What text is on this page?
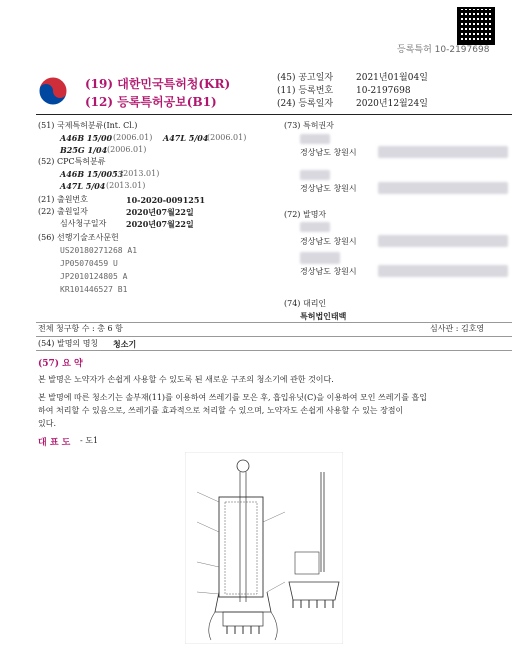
등록특허 10-2197698
(19) 대한민국특허청(KR)
(12) 등록특허공보(B1)
(45) 공고일자	2021년01월04일
(11) 등록번호	10-2197698
(24) 등록일자	2020년12월24일
(51) 국제특허분류(Int. Cl.)
A46B 15/00 (2006.01) A47L 5/04
(2006.01)
B25G 1/04 (2006.01)
(52) CPC특허분류
A46B 15/0053
(2013.01)
A47L 5/04 (2013.01)
(21) 출원번호	10-2020-0091251
(22) 출원일자	2020년07월22일
심사청구일자 2020년07월22일
(56) 선행기술조사문헌
US20180271268 A1
JP05070459 U
JP2010124805 A
KR101446527 B1
(73) 특허권자
경상남도 창원시
경상남도 창원시
(72) 발명자
경상남도 창원시
경상남도 창원시
(74) 대리인
특허법인태백
전체 청구항 수 : 총 6 항	심사관 : 김호영
(54) 발명의 명칭 청소기
(57) 요 약
본 발명은 노약자가 손쉽게 사용할 수 있도록 된 새로운 구조의 청소기에 관한 것이다.
본 발명에 따른 청소기는 솔부재(11)를 이용하여 쓰레기를 모은 후, 흡입유닛(C)을 이용하여 모인 쓰레기를 흡입
하여 처리할 수 있음으로, 쓰레기를 효과적으로 처리할 수 있으며, 노약자도 손쉽게 사용할 수 있는 장점이
있다.
대 표 도 - 도1
